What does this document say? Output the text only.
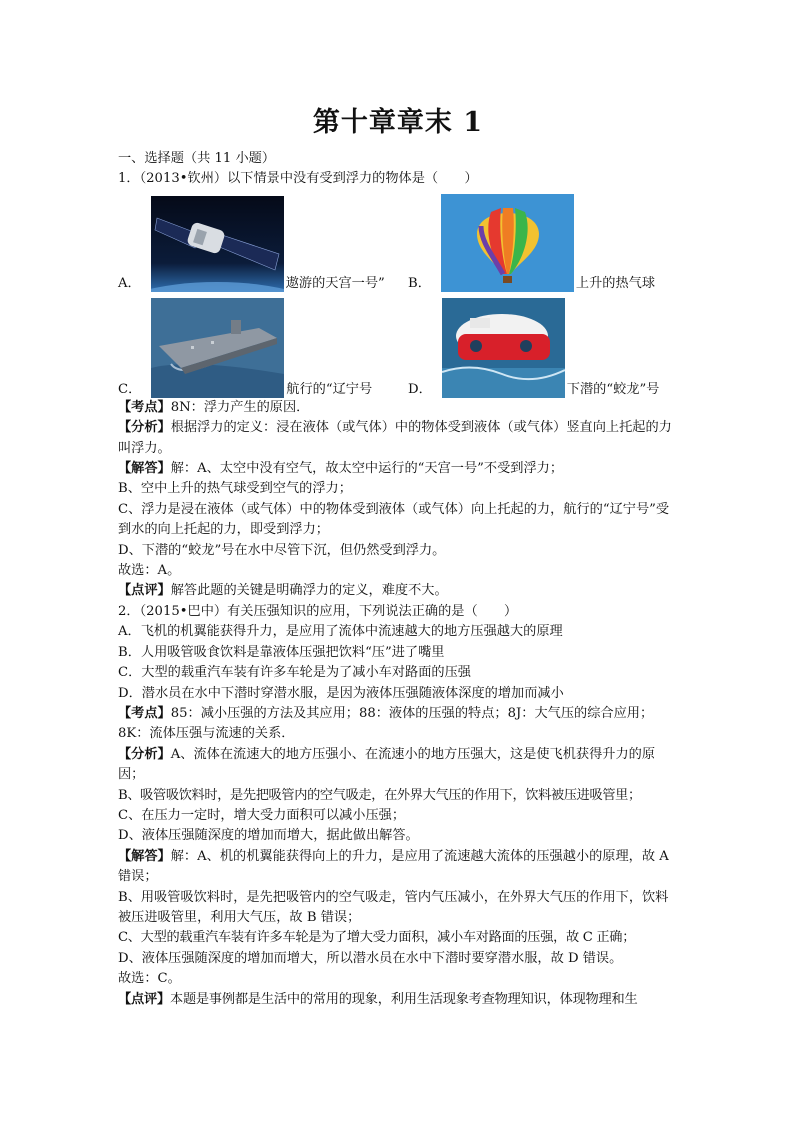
第十章章末 1
一、选择题（共 11 小题）
1．（2013•钦州）以下情景中没有受到浮力的物体是（　　）
A．	遨游的天宫一号” B．	上升的热气球
C．	航行的“辽宁号	D．	下潜的“蛟龙”号
【考点】8N：浮力产生的原因．
【分析】根据浮力的定义：浸在液体（或气体）中的物体受到液体（或气体）竖直向上托起的力叫浮力。
【解答】解：A、太空中没有空气，故太空中运行的“天宫一号”不受到浮力；
B、空中上升的热气球受到空气的浮力；
C、浮力是浸在液体（或气体）中的物体受到液体（或气体）向上托起的力，航行的“辽宁号”受到水的向上托起的力，即受到浮力；
D、下潜的“蛟龙”号在水中尽管下沉，但仍然受到浮力。
故选：A。
【点评】解答此题的关键是明确浮力的定义，难度不大。
2．（2015•巴中）有关压强知识的应用，下列说法正确的是（　　）
A．飞机的机翼能获得升力，是应用了流体中流速越大的地方压强越大的原理
B．人用吸管吸食饮料是靠液体压强把饮料“压”进了嘴里
C．大型的载重汽车装有许多车轮是为了减小车对路面的压强
D．潜水员在水中下潜时穿潜水服，是因为液体压强随液体深度的增加而减小
【考点】85：减小压强的方法及其应用；88：液体的压强的特点；8J：大气压的综合应用；8K：流体压强与流速的关系．
【分析】A、流体在流速大的地方压强小、在流速小的地方压强大，这是使飞机获得升力的原因；
B、吸管吸饮料时，是先把吸管内的空气吸走，在外界大气压的作用下，饮料被压进吸管里；
C、在压力一定时，增大受力面积可以减小压强；
D、液体压强随深度的增加而增大，据此做出解答。
【解答】解：A、机的机翼能获得向上的升力，是应用了流速越大流体的压强越小的原理，故 A 错误；
B、用吸管吸饮料时，是先把吸管内的空气吸走，管内气压减小，在外界大气压的作用下，饮料被压进吸管里，利用大气压，故 B 错误；
C、大型的载重汽车装有许多车轮是为了增大受力面积，减小车对路面的压强，故 C 正确；
D、液体压强随深度的增加而增大，所以潜水员在水中下潜时要穿潜水服，故 D 错误。
故选：C。
【点评】本题是事例都是生活中的常用的现象，利用生活现象考查物理知识，体现物理和生
